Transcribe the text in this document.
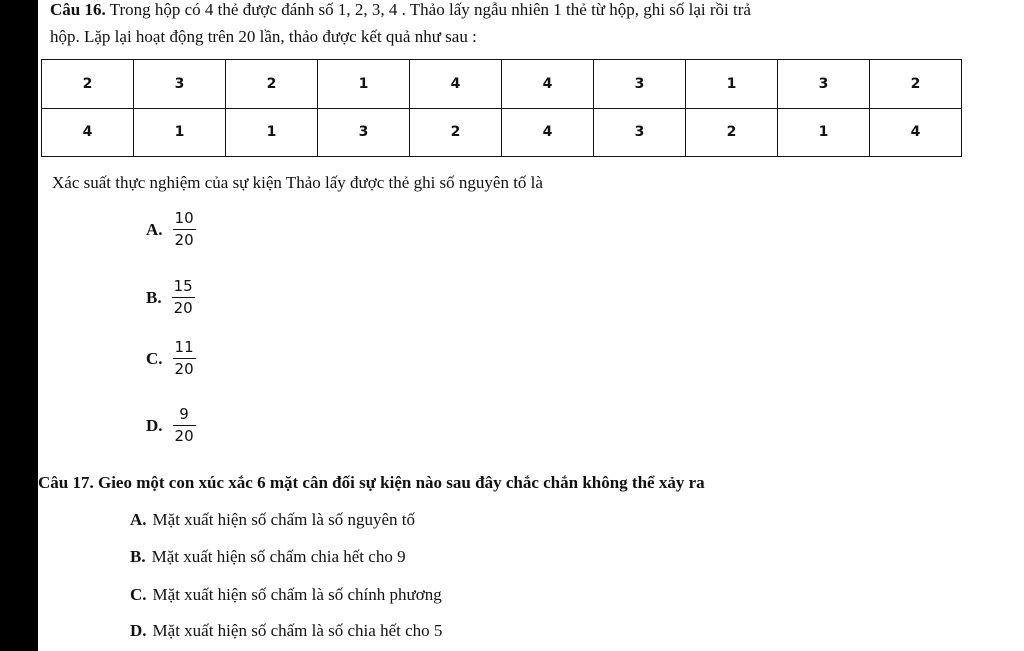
Câu 16. Trong hộp có 4 thẻ được đánh số 1, 2, 3, 4 . Thảo lấy ngẫu nhiên 1 thẻ từ hộp, ghi số lại rồi trả
hộp. Lặp lại hoạt động trên 20 lần, thảo được kết quả như sau :
2	3	2	1	4	4	3	1	3	2
4	1	1	3	2	4	3	2	1	4
Xác suất thực nghiệm của sự kiện Thảo lấy được thẻ ghi số nguyên tố là
A. $\frac{10}{20}$
B. $\frac{15}{20}$
C. $\frac{11}{20}$
D. $\frac{9}{20}$
Câu 17. Gieo một con xúc xắc 6 mặt cân đối sự kiện nào sau đây chắc chắn không thể xảy ra
A. Mặt xuất hiện số chấm là số nguyên tố
B. Mặt xuất hiện số chấm chia hết cho 9
C. Mặt xuất hiện số chấm là số chính phương
D. Mặt xuất hiện số chấm là số chia hết cho 5
